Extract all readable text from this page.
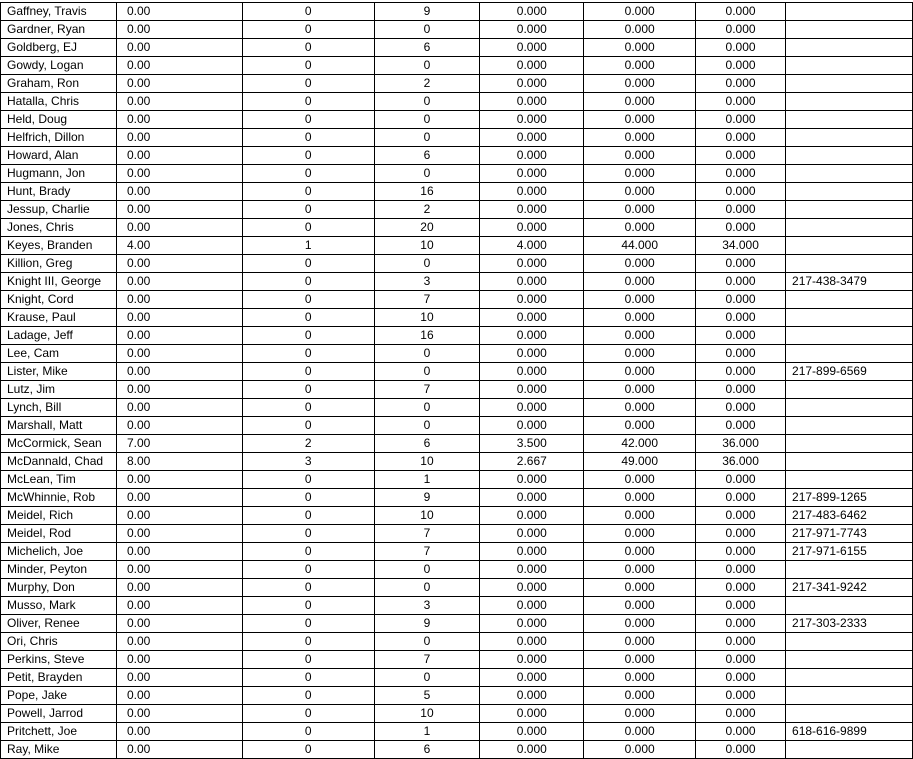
Gaffney, Travis	0.00	0	9	0.000	0.000	0.000	
Gardner, Ryan	0.00	0	0	0.000	0.000	0.000	
Goldberg, EJ	0.00	0	6	0.000	0.000	0.000	
Gowdy, Logan	0.00	0	0	0.000	0.000	0.000	
Graham, Ron	0.00	0	2	0.000	0.000	0.000	
Hatalla, Chris	0.00	0	0	0.000	0.000	0.000	
Held, Doug	0.00	0	0	0.000	0.000	0.000	
Helfrich, Dillon	0.00	0	0	0.000	0.000	0.000	
Howard, Alan	0.00	0	6	0.000	0.000	0.000	
Hugmann, Jon	0.00	0	0	0.000	0.000	0.000	
Hunt, Brady	0.00	0	16	0.000	0.000	0.000	
Jessup, Charlie	0.00	0	2	0.000	0.000	0.000	
Jones, Chris	0.00	0	20	0.000	0.000	0.000	
Keyes, Branden	4.00	1	10	4.000	44.000	34.000	
Killion, Greg	0.00	0	0	0.000	0.000	0.000	
Knight III, George	0.00	0	3	0.000	0.000	0.000	217-438-3479
Knight, Cord	0.00	0	7	0.000	0.000	0.000	
Krause, Paul	0.00	0	10	0.000	0.000	0.000	
Ladage, Jeff	0.00	0	16	0.000	0.000	0.000	
Lee, Cam	0.00	0	0	0.000	0.000	0.000	
Lister, Mike	0.00	0	0	0.000	0.000	0.000	217-899-6569
Lutz, Jim	0.00	0	7	0.000	0.000	0.000	
Lynch, Bill	0.00	0	0	0.000	0.000	0.000	
Marshall, Matt	0.00	0	0	0.000	0.000	0.000	
McCormick, Sean	7.00	2	6	3.500	42.000	36.000	
McDannald, Chad	8.00	3	10	2.667	49.000	36.000	
McLean, Tim	0.00	0	1	0.000	0.000	0.000	
McWhinnie, Rob	0.00	0	9	0.000	0.000	0.000	217-899-1265
Meidel, Rich	0.00	0	10	0.000	0.000	0.000	217-483-6462
Meidel, Rod	0.00	0	7	0.000	0.000	0.000	217-971-7743
Michelich, Joe	0.00	0	7	0.000	0.000	0.000	217-971-6155
Minder, Peyton	0.00	0	0	0.000	0.000	0.000	
Murphy, Don	0.00	0	0	0.000	0.000	0.000	217-341-9242
Musso, Mark	0.00	0	3	0.000	0.000	0.000	
Oliver, Renee	0.00	0	9	0.000	0.000	0.000	217-303-2333
Ori, Chris	0.00	0	0	0.000	0.000	0.000	
Perkins, Steve	0.00	0	7	0.000	0.000	0.000	
Petit, Brayden	0.00	0	0	0.000	0.000	0.000	
Pope, Jake	0.00	0	5	0.000	0.000	0.000	
Powell, Jarrod	0.00	0	10	0.000	0.000	0.000	
Pritchett, Joe	0.00	0	1	0.000	0.000	0.000	618-616-9899
Ray, Mike	0.00	0	6	0.000	0.000	0.000	
